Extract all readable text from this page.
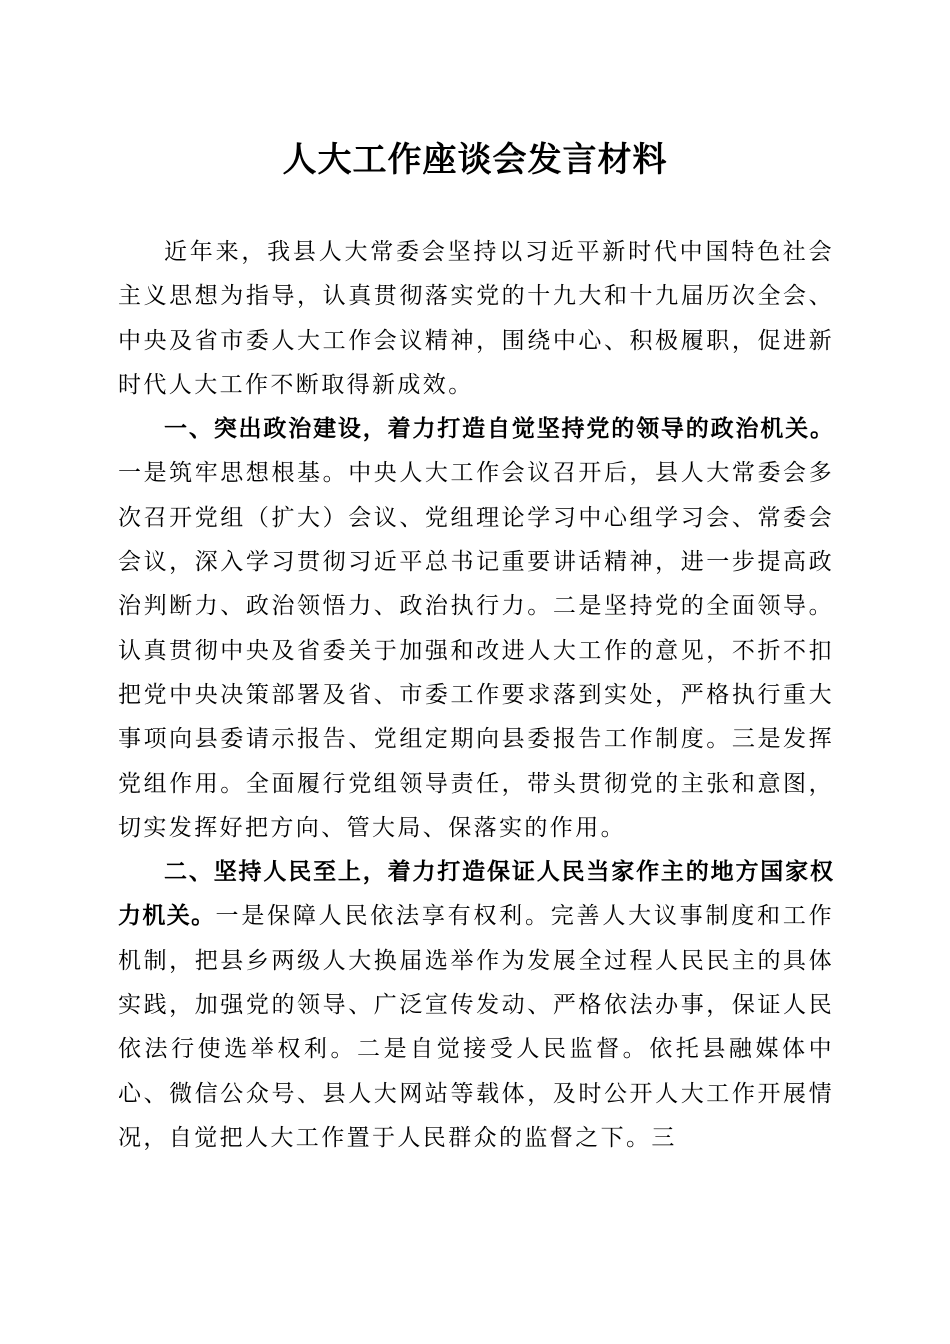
人大工作座谈会发言材料

近年来，我县人大常委会坚持以习近平新时代中国特色社会主义思想为指导，认真贯彻落实党的十九大和十九届历次全会、中央及省市委人大工作会议精神，围绕中心、积极履职，促进新时代人大工作不断取得新成效。

一、突出政治建设，着力打造自觉坚持党的领导的政治机关。一是筑牢思想根基。中央人大工作会议召开后，县人大常委会多次召开党组（扩大）会议、党组理论学习中心组学习会、常委会会议，深入学习贯彻习近平总书记重要讲话精神，进一步提高政治判断力、政治领悟力、政治执行力。二是坚持党的全面领导。认真贯彻中央及省委关于加强和改进人大工作的意见，不折不扣把党中央决策部署及省、市委工作要求落到实处，严格执行重大事项向县委请示报告、党组定期向县委报告工作制度。三是发挥党组作用。全面履行党组领导责任，带头贯彻党的主张和意图，切实发挥好把方向、管大局、保落实的作用。

二、坚持人民至上，着力打造保证人民当家作主的地方国家权力机关。一是保障人民依法享有权利。完善人大议事制度和工作机制，把县乡两级人大换届选举作为发展全过程人民民主的具体实践，加强党的领导、广泛宣传发动、严格依法办事，保证人民依法行使选举权利。二是自觉接受人民监督。依托县融媒体中心、微信公众号、县人大网站等载体，及时公开人大工作开展情况，自觉把人大工作置于人民群众的监督之下。三
